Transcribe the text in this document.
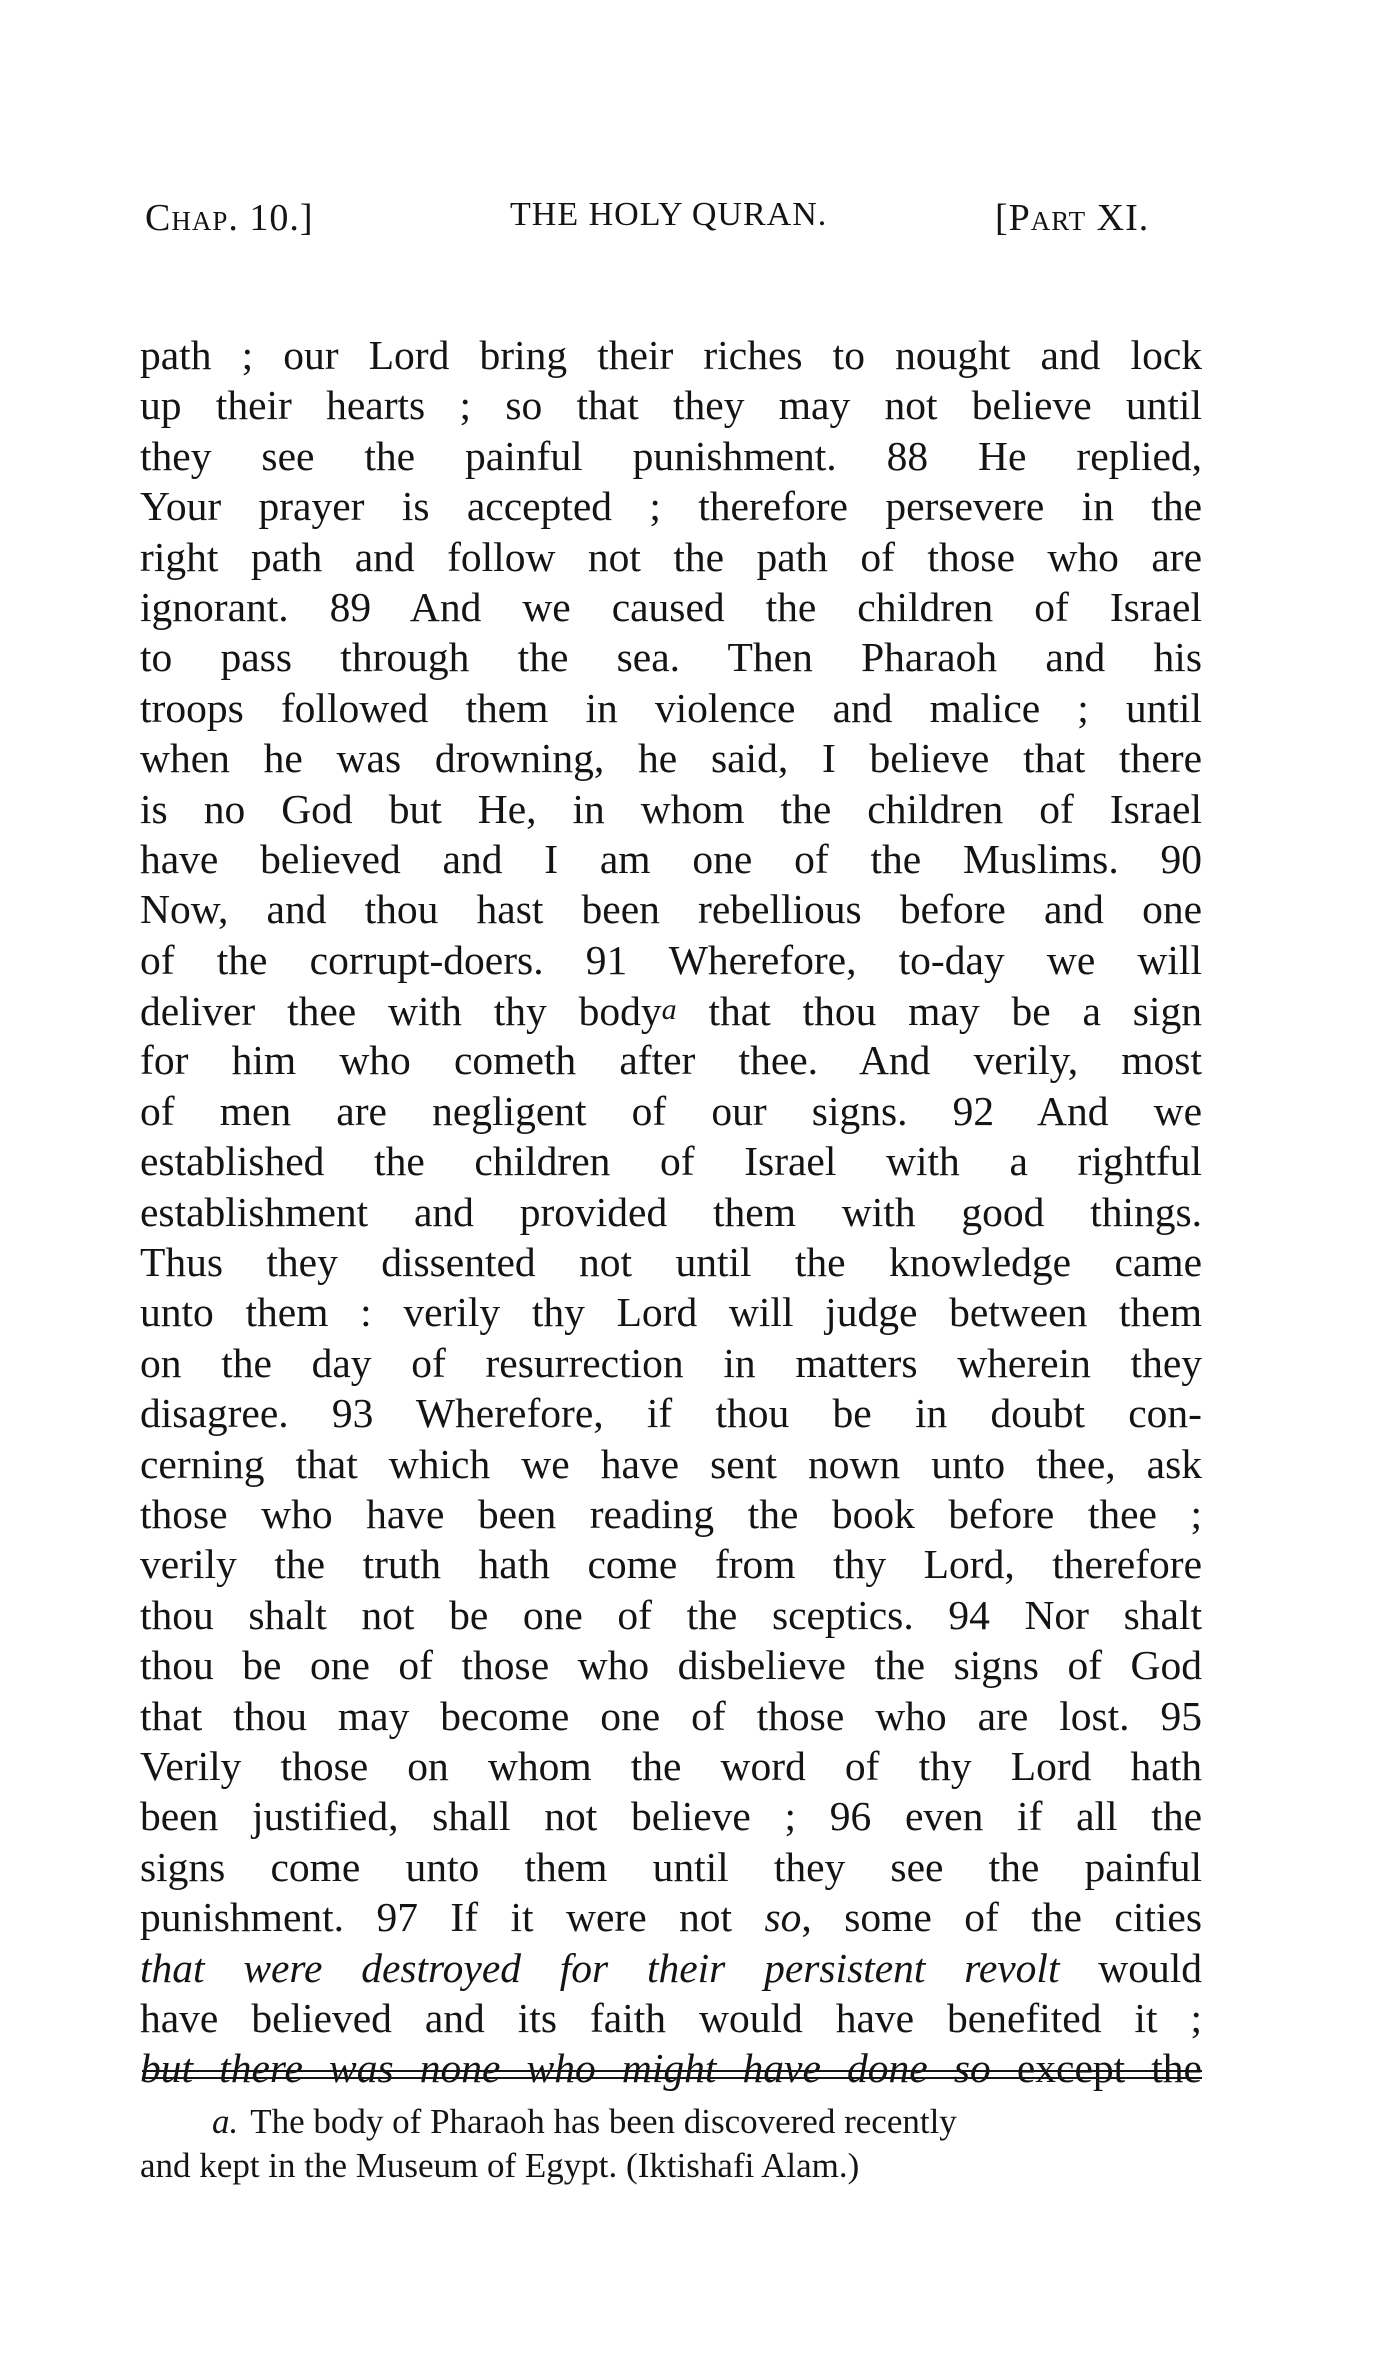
Chap. 10.]	THE HOLY QURAN.	[Part XI.
path ; our Lord bring their riches to nought and lock
up their hearts ; so that they may not believe until
they see the painful punishment. 88 He replied,
Your prayer is accepted ; therefore persevere in the
right path and follow not the path of those who are
ignorant. 89 And we caused the children of Israel
to pass through the sea. Then Pharaoh and his
troops followed them in violence and malice ; until
when he was drowning, he said, I believe that there
is no God but He, in whom the children of Israel
have believed and I am one of the Muslims. 90
Now, and thou hast been rebellious before and one
of the corrupt-doers. 91 Wherefore, to-day we will
deliver thee with thy body$^a$ that thou may be a sign
for him who cometh after thee. And verily, most
of men are negligent of our signs. 92 And we
established the children of Israel with a rightful
establishment and provided them with good things.
Thus they dissented not until the knowledge came
unto them : verily thy Lord will judge between them
on the day of resurrection in matters wherein they
disagree. 93 Wherefore, if thou be in doubt con-
cerning that which we have sent nown unto thee, ask
those who have been reading the book before thee ;
verily the truth hath come from thy Lord, therefore
thou shalt not be one of the sceptics. 94 Nor shalt
thou be one of those who disbelieve the signs of God
that thou may become one of those who are lost. 95
Verily those on whom the word of thy Lord hath
been justified, shall not believe ; 96 even if all the
signs come unto them until they see the painful
punishment. 97 If it were not so, some of the cities
that were destroyed for their persistent revolt would
have believed and its faith would have benefited it ;
but there was none who might have done so except the
a. The body of Pharaoh has been discovered recently
and kept in the Museum of Egypt. (Iktishafi Alam.)
